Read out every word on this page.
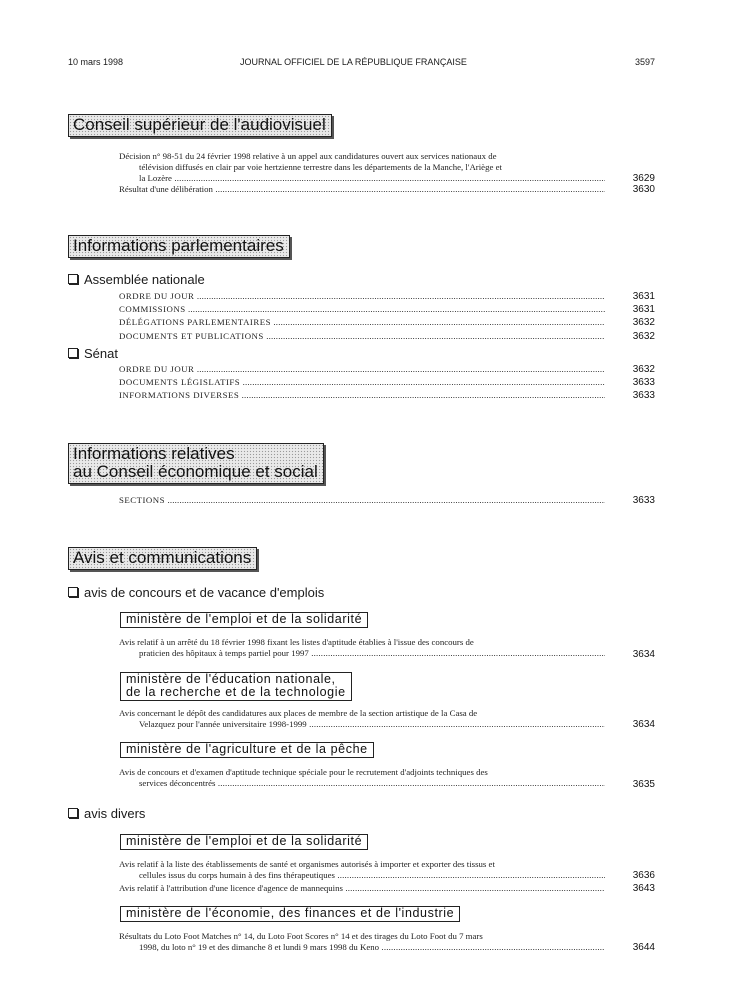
10 mars 1998	JOURNAL OFFICIEL DE LA RÉPUBLIQUE FRANÇAISE	3597
Conseil supérieur de l'audiovisuel
Décision n° 98-51 du 24 février 1998 relative à un appel aux candidatures ouvert aux services nationaux de
télévision diffusés en clair par voie hertzienne terrestre dans les départements de la Manche, l'Ariège et
la Lozère .....	3629
Résultat d'une délibération .....	3630
Informations parlementaires
Assemblée nationale
ORDRE DU JOUR .....	3631
COMMISSIONS .....	3631
DÉLÉGATIONS PARLEMENTAIRES .....	3632
DOCUMENTS ET PUBLICATIONS .....	3632
Sénat
ORDRE DU JOUR .....	3632
DOCUMENTS LÉGISLATIFS .....	3633
INFORMATIONS DIVERSES .....	3633
Informations relatives
au Conseil économique et social
SECTIONS .....	3633
Avis et communications
avis de concours et de vacance d'emplois
ministère de l'emploi et de la solidarité
Avis relatif à un arrêté du 18 février 1998 fixant les listes d'aptitude établies à l'issue des concours de
praticien des hôpitaux à temps partiel pour 1997 .....	3634
ministère de l'éducation nationale,
de la recherche et de la technologie
Avis concernant le dépôt des candidatures aux places de membre de la section artistique de la Casa de
Velazquez pour l'année universitaire 1998-1999 .....	3634
ministère de l'agriculture et de la pêche
Avis de concours et d'examen d'aptitude technique spéciale pour le recrutement d'adjoints techniques des
services déconcentrés .....	3635
avis divers
ministère de l'emploi et de la solidarité
Avis relatif à la liste des établissements de santé et organismes autorisés à importer et exporter des tissus et
cellules issus du corps humain à des fins thérapeutiques .....	3636
Avis relatif à l'attribution d'une licence d'agence de mannequins .....	3643
ministère de l'économie, des finances et de l'industrie
Résultats du Loto Foot Matches n° 14, du Loto Foot Scores n° 14 et des tirages du Loto Foot du 7 mars
1998, du loto n° 19 et des dimanche 8 et lundi 9 mars 1998 du Keno .....	3644
